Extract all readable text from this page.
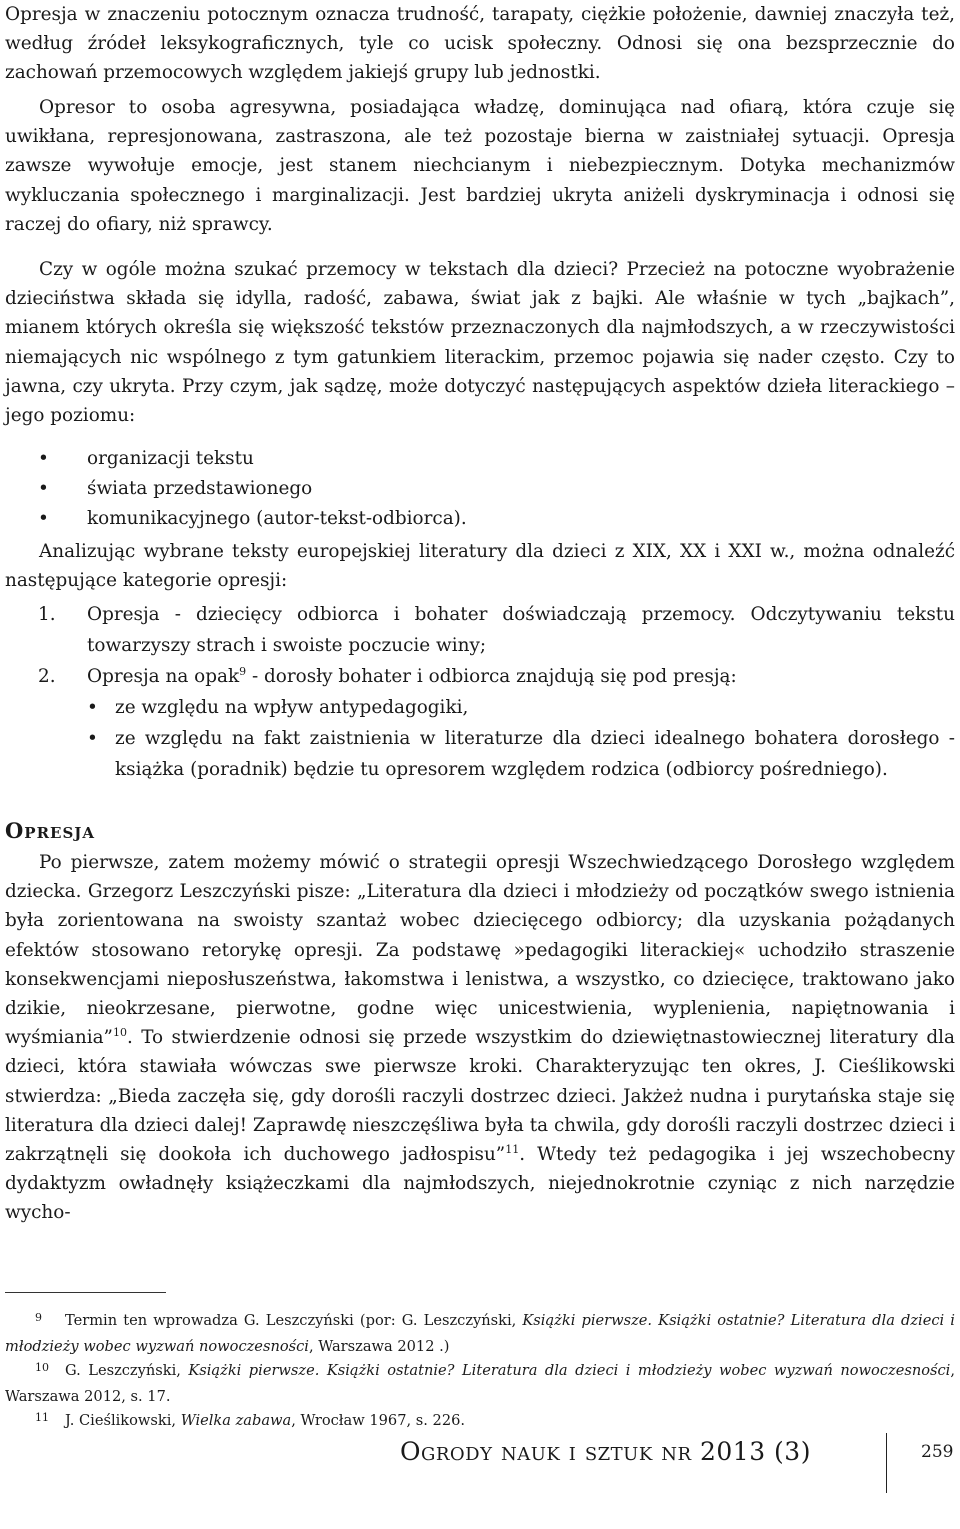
Opresja w znaczeniu potocznym oznacza trudność, tarapaty, ciężkie położenie, dawniej znaczyła też, według źródeł leksykograficznych, tyle co ucisk społeczny. Odnosi się ona bezsprzecznie do zachowań przemocowych względem jakiejś grupy lub jednostki.

Opresor to osoba agresywna, posiadająca władzę, dominująca nad ofiarą, która czuje się uwikłana, represjonowana, zastraszona, ale też pozostaje bierna w zaistniałej sytuacji. Opresja zawsze wywołuje emocje, jest stanem niechcianym i niebezpiecznym. Dotyka mechanizmów wykluczania społecznego i marginalizacji. Jest bardziej ukryta aniżeli dyskryminacja i odnosi się raczej do ofiary, niż sprawcy.

Czy w ogóle można szukać przemocy w tekstach dla dzieci? Przecież na potoczne wyobrażenie dzieciństwa składa się idylla, radość, zabawa, świat jak z bajki. Ale właśnie w tych „bajkach”, mianem których określa się większość tekstów przeznaczonych dla najmłodszych, a w rzeczywistości niemających nic wspólnego z tym gatunkiem literackim, przemoc pojawia się nader często. Czy to jawna, czy ukryta. Przy czym, jak sądzę, może dotyczyć następujących aspektów dzieła literackiego – jego poziomu:

• organizacji tekstu
• świata przedstawionego
• komunikacyjnego (autor-tekst-odbiorca).

Analizując wybrane teksty europejskiej literatury dla dzieci z XIX, XX i XXI w., można odnaleźć następujące kategorie opresji:

1. Opresja - dziecięcy odbiorca i bohater doświadczają przemocy. Odczytywaniu tekstu towarzyszy strach i swoiste poczucie winy;
2. Opresja na opak$^9$ - dorosły bohater i odbiorca znajdują się pod presją:
• ze względu na wpływ antypedagogiki,
• ze względu na fakt zaistnienia w literaturze dla dzieci idealnego bohatera dorosłego - książka (poradnik) będzie tu opresorem względem rodzica (odbiorcy pośredniego).
Opresja

Po pierwsze, zatem możemy mówić o strategii opresji Wszechwiedzącego Dorosłego względem dziecka. Grzegorz Leszczyński pisze: „Literatura dla dzieci i młodzieży od początków swego istnienia była zorientowana na swoisty szantaż wobec dziecięcego odbiorcy; dla uzyskania pożądanych efektów stosowano retorykę opresji. Za podstawę »pedagogiki literackiej« uchodziło straszenie konsekwencjami nieposłuszeństwa, łakomstwa i lenistwa, a wszystko, co dziecięce, traktowano jako dzikie, nieokrzesane, pierwotne, godne więc unicestwienia, wyplenienia, napiętnowania i wyśmiania”$^{10}$. To stwierdzenie odnosi się przede wszystkim do dziewiętnastowiecznej literatury dla dzieci, która stawiała wówczas swe pierwsze kroki. Charakteryzując ten okres, J. Cieślikowski stwierdza: „Bieda zaczęła się, gdy dorośli raczyli dostrzec dzieci. Jakżeż nudna i purytańska staje się literatura dla dzieci dalej! Zaprawdę nieszczęśliwa była ta chwila, gdy dorośli raczyli dostrzec dzieci i zakrzątnęli się dookoła ich duchowego jadłospisu”$^{11}$. Wtedy też pedagogika i jej wszechobecny dydaktyzm owładnęły książeczkami dla najmłodszych, niejednokrotnie czyniąc z nich narzędzie wycho-

9 Termin ten wprowadza G. Leszczyński (por: G. Leszczyński, Książki pierwsze. Książki ostatnie? Literatura dla dzieci i młodzieży wobec wyzwań nowoczesności, Warszawa 2012 .)

10 G. Leszczyński, Książki pierwsze. Książki ostatnie? Literatura dla dzieci i młodzieży wobec wyzwań nowoczesności, Warszawa 2012, s. 17.

11 J. Cieślikowski, Wielka zabawa, Wrocław 1967, s. 226.

Ogrody nauk i sztuk nr 2013 (3)	259
